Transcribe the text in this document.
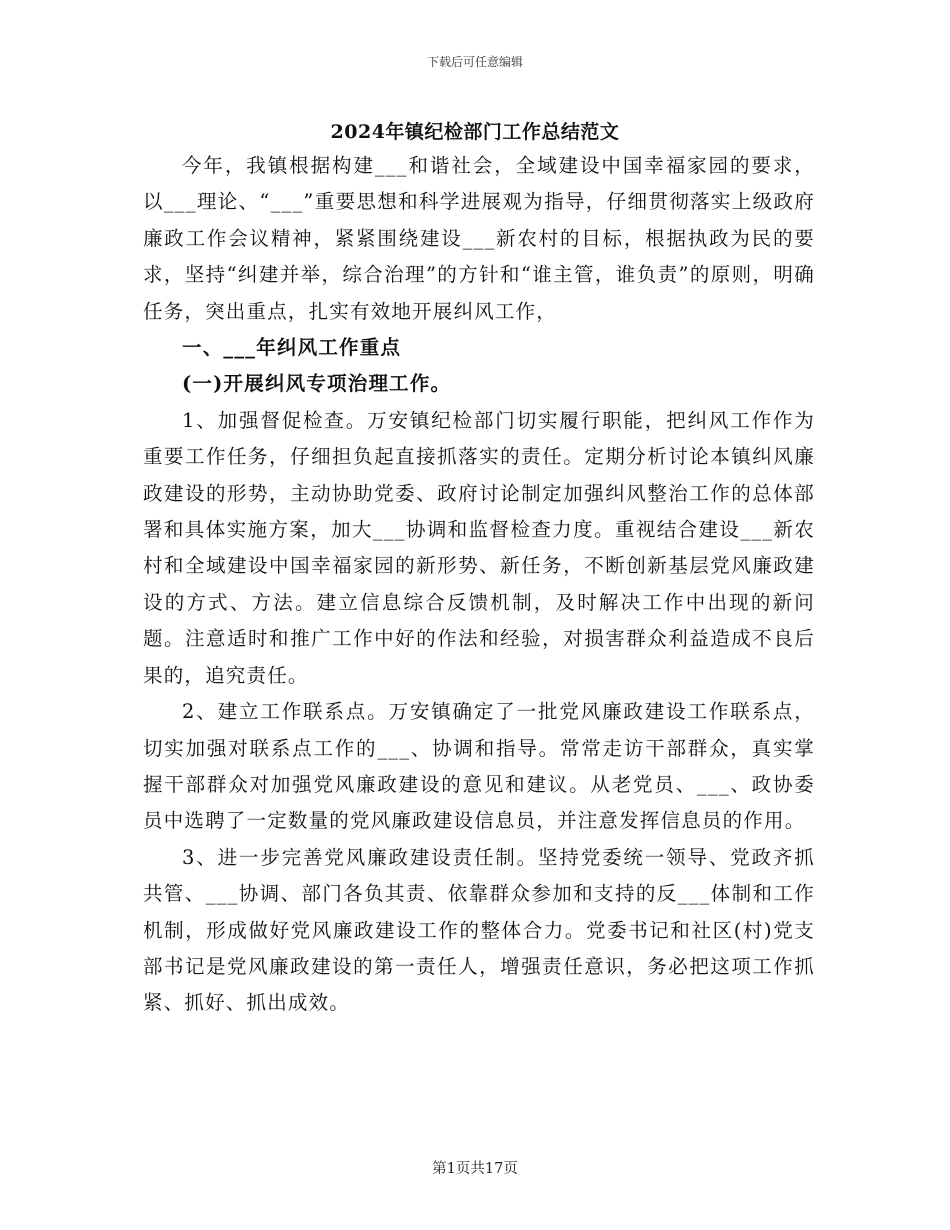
下载后可任意编辑
2024年镇纪检部门工作总结范文

今年，我镇根据构建___和谐社会，全域建设中国幸福家园的要求，以___理论、“___”重要思想和科学进展观为指导，仔细贯彻落实上级政府廉政工作会议精神，紧紧围绕建设___新农村的目标，根据执政为民的要求，坚持“纠建并举，综合治理”的方针和“谁主管，谁负责”的原则，明确任务，突出重点，扎实有效地开展纠风工作，

一、___年纠风工作重点

(一)开展纠风专项治理工作。

1、加强督促检查。万安镇纪检部门切实履行职能，把纠风工作作为重要工作任务，仔细担负起直接抓落实的责任。定期分析讨论本镇纠风廉政建设的形势，主动协助党委、政府讨论制定加强纠风整治工作的总体部署和具体实施方案，加大___协调和监督检查力度。重视结合建设___新农村和全域建设中国幸福家园的新形势、新任务，不断创新基层党风廉政建设的方式、方法。建立信息综合反馈机制，及时解决工作中出现的新问题。注意适时和推广工作中好的作法和经验，对损害群众利益造成不良后果的，追究责任。

2、建立工作联系点。万安镇确定了一批党风廉政建设工作联系点，切实加强对联系点工作的___、协调和指导。常常走访干部群众，真实掌握干部群众对加强党风廉政建设的意见和建议。从老党员、___、政协委员中选聘了一定数量的党风廉政建设信息员，并注意发挥信息员的作用。

3、进一步完善党风廉政建设责任制。坚持党委统一领导、党政齐抓共管、___协调、部门各负其责、依靠群众参加和支持的反___体制和工作机制，形成做好党风廉政建设工作的整体合力。党委书记和社区(村)党支部书记是党风廉政建设的第一责任人，增强责任意识，务必把这项工作抓紧、抓好、抓出成效。

第1页共17页
